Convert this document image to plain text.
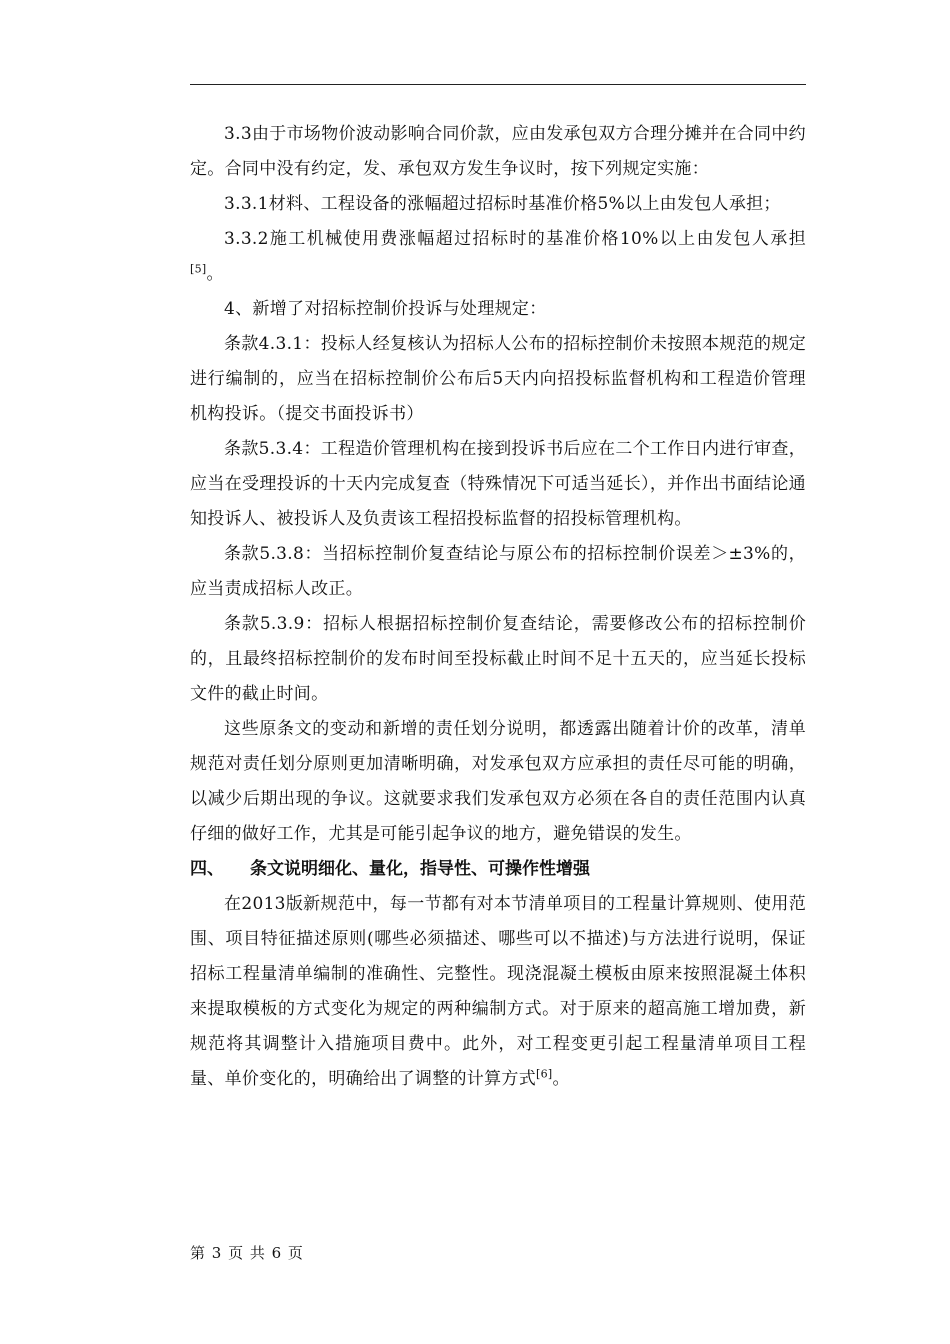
3.3由于市场物价波动影响合同价款，应由发承包双方合理分摊并在合同中约定。合同中没有约定，发、承包双方发生争议时，按下列规定实施：

3.3.1材料、工程设备的涨幅超过招标时基准价格5%以上由发包人承担；

3.3.2施工机械使用费涨幅超过招标时的基准价格10%以上由发包人承担[5]。

4、新增了对招标控制价投诉与处理规定：

条款4.3.1：投标人经复核认为招标人公布的招标控制价未按照本规范的规定进行编制的，应当在招标控制价公布后5天内向招投标监督机构和工程造价管理机构投诉。（提交书面投诉书）

条款5.3.4：工程造价管理机构在接到投诉书后应在二个工作日内进行审查，应当在受理投诉的十天内完成复查（特殊情况下可适当延长），并作出书面结论通知投诉人、被投诉人及负责该工程招投标监督的招投标管理机构。

条款5.3.8：当招标控制价复查结论与原公布的招标控制价误差＞±3%的，应当责成招标人改正。

条款5.3.9：招标人根据招标控制价复查结论，需要修改公布的招标控制价的，且最终招标控制价的发布时间至投标截止时间不足十五天的，应当延长投标文件的截止时间。

这些原条文的变动和新增的责任划分说明，都透露出随着计价的改革，清单规范对责任划分原则更加清晰明确，对发承包双方应承担的责任尽可能的明确，以减少后期出现的争议。这就要求我们发承包双方必须在各自的责任范围内认真仔细的做好工作，尤其是可能引起争议的地方，避免错误的发生。

四、 条文说明细化、量化，指导性、可操作性增强

在2013版新规范中，每一节都有对本节清单项目的工程量计算规则、使用范围、项目特征描述原则(哪些必须描述、哪些可以不描述)与方法进行说明，保证招标工程量清单编制的准确性、完整性。现浇混凝土模板由原来按照混凝土体积来提取模板的方式变化为规定的两种编制方式。对于原来的超高施工增加费，新规范将其调整计入措施项目费中。此外，对工程变更引起工程量清单项目工程量、单价变化的，明确给出了调整的计算方式[6]。

第 3 页 共 6 页
